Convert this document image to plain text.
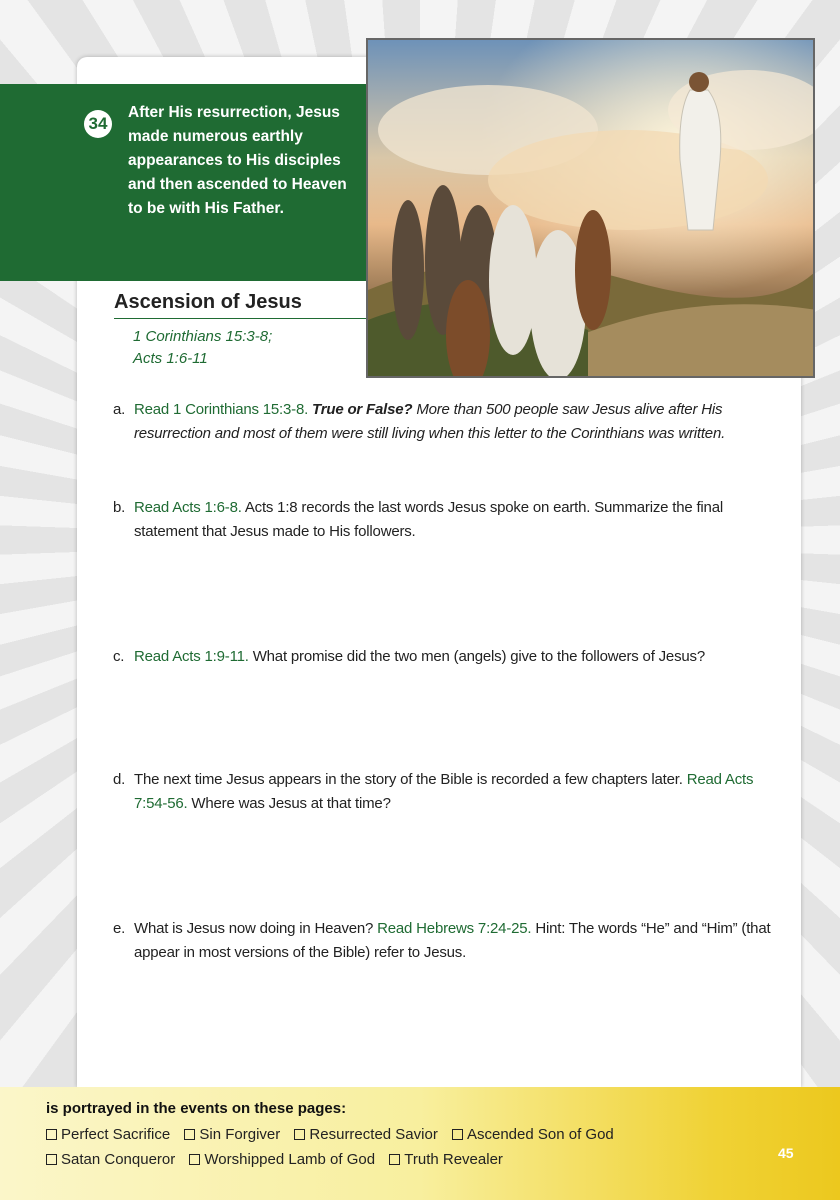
34
After His resurrection, Jesus made numerous earthly appearances to His disciples and then ascended to Heaven to be with His Father.
Ascension of Jesus
1 Corinthians 15:3-8;
Acts 1:6-11
a. Read 1 Corinthians 15:3-8. True or False? More than 500 people saw Jesus alive after His resurrection and most of them were still living when this letter to the Corinthians was written.
b. Read Acts 1:6-8. Acts 1:8 records the last words Jesus spoke on earth. Summarize the final statement that Jesus made to His followers.
c. Read Acts 1:9-11. What promise did the two men (angels) give to the followers of Jesus?
d. The next time Jesus appears in the story of the Bible is recorded a few chapters later. Read Acts 7:54-56. Where was Jesus at that time?
e. What is Jesus now doing in Heaven? Read Hebrews 7:24-25. Hint: The words “He” and “Him” (that appear in most versions of the Bible) refer to Jesus.
is portrayed in the events on these pages:
Perfect Sacrifice Sin Forgiver Resurrected Savior Ascended Son of God
Satan Conqueror Worshipped Lamb of God Truth Revealer	45
